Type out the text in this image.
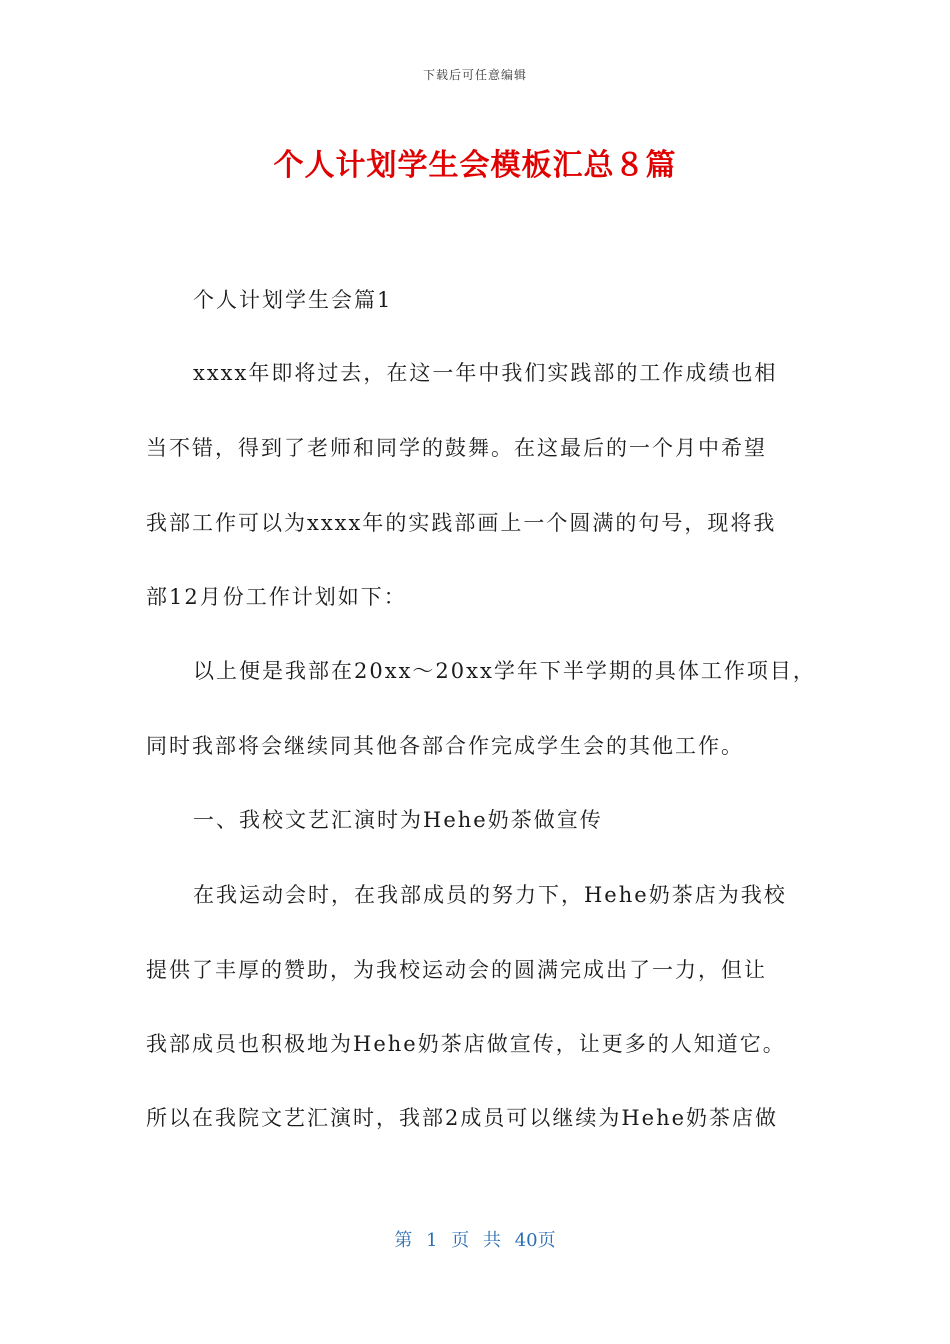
下载后可任意编辑
个人计划学生会模板汇总８篇
个人计划学生会篇1
xxxx年即将过去，在这一年中我们实践部的工作成绩也相
当不错，得到了老师和同学的鼓舞。在这最后的一个月中希望
我部工作可以为xxxx年的实践部画上一个圆满的句号，现将我
部12月份工作计划如下：
以上便是我部在20xx～20xx学年下半学期的具体工作项目，
同时我部将会继续同其他各部合作完成学生会的其他工作。
一、我校文艺汇演时为Hehe奶茶做宣传
在我运动会时，在我部成员的努力下，Hehe奶茶店为我校
提供了丰厚的赞助，为我校运动会的圆满完成出了一力，但让
我部成员也积极地为Hehe奶茶店做宣传，让更多的人知道它。
所以在我院文艺汇演时，我部2成员可以继续为Hehe奶茶店做
第 1 页 共 40页
